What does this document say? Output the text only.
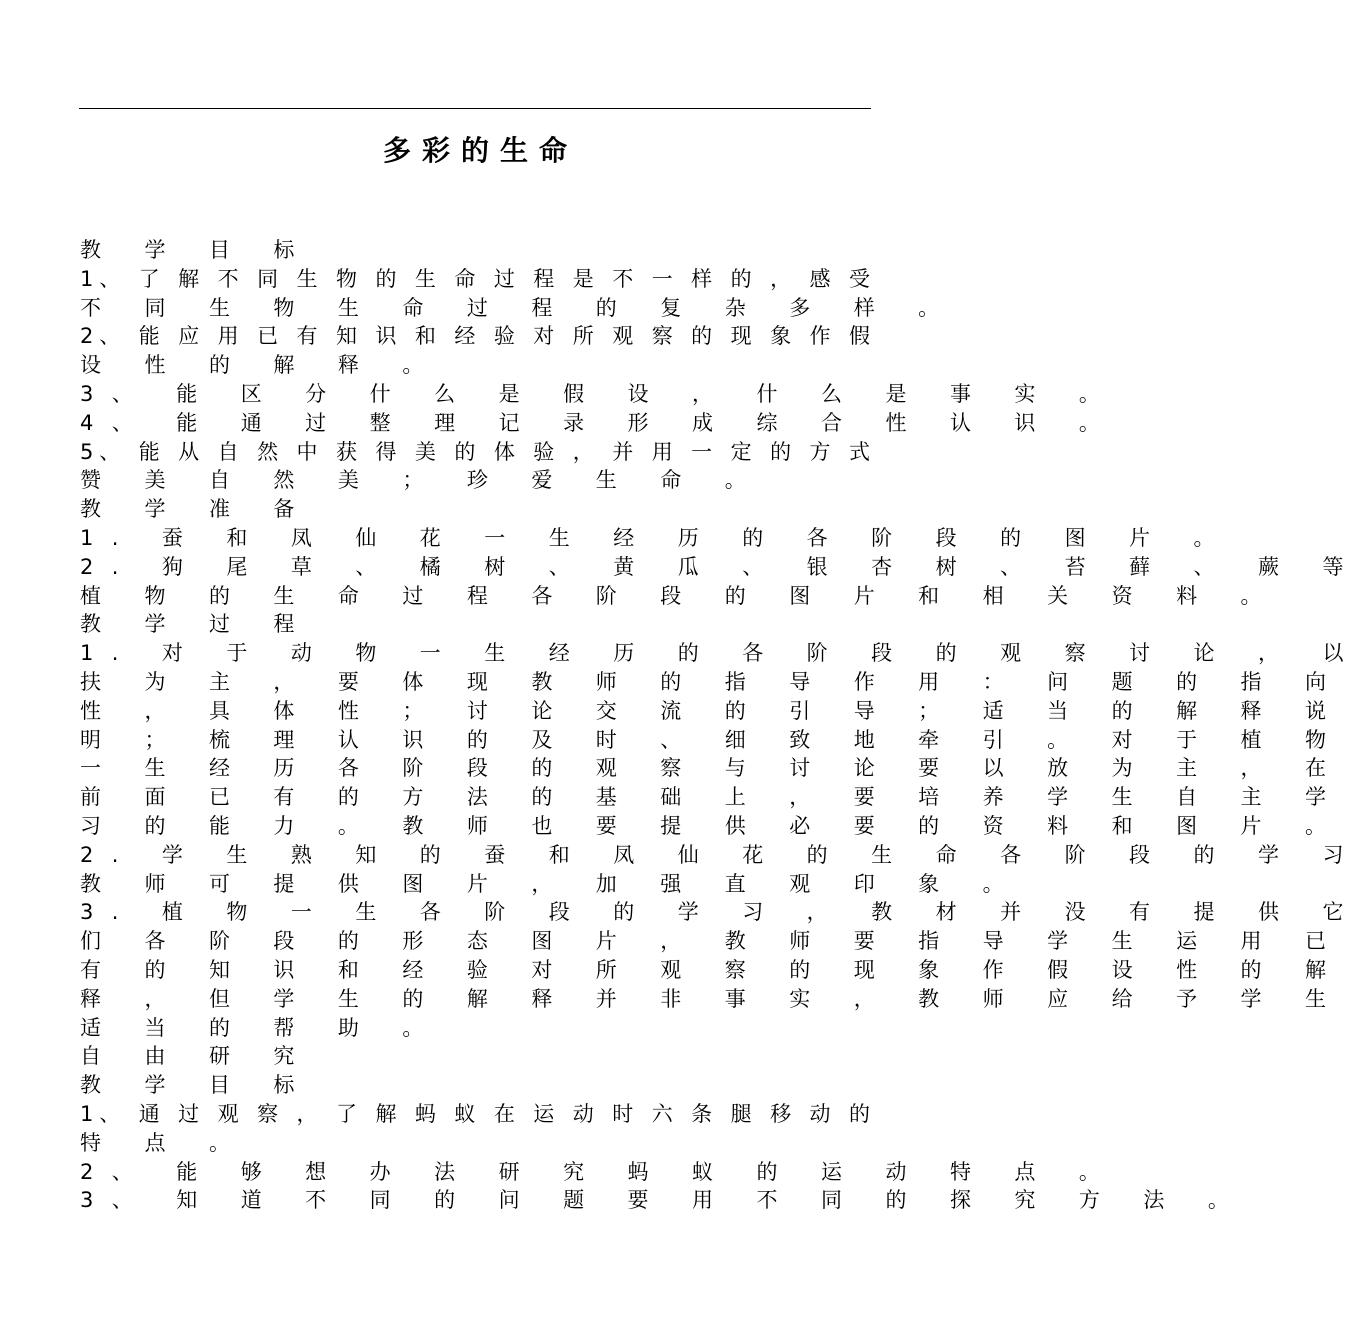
多彩的生命
教 学 目 标
1、 了 解 不 同 生 物 的 生 命 过 程 是 不 一 样 的 ， 感 受
不 同 生 物 生 命 过 程 的 复 杂 多 样 。
2、 能 应 用 已 有 知 识 和 经 验 对 所 观 察 的 现 象 作 假
设 性 的 解 释 。
3、 能 区 分 什 么 是 假 设 ， 什 么 是 事 实 。
4、 能 通 过 整 理 记 录 形 成 综 合 性 认 识 。
5、 能 从 自 然 中 获 得 美 的 体 验 ， 并 用 一 定 的 方 式
赞 美 自 然 美 ； 珍 爱 生 命 。
教 学 准 备
1. 蚕 和 凤 仙 花 一 生 经 历 的 各 阶 段 的 图 片 。
2. 狗 尾 草 、 橘 树 、 黄 瓜 、 银 杏 树 、 苔 藓 、 蕨 等
植 物 的 生 命 过 程 各 阶 段 的 图 片 和 相 关 资 料 。
教 学 过 程
1. 对 于 动 物 一 生 经 历 的 各 阶 段 的 观 察 讨 论 ， 以
扶 为 主 ， 要 体 现 教 师 的 指 导 作 用 ： 问 题 的 指 向
性 ， 具 体 性 ； 讨 论 交 流 的 引 导 ； 适 当 的 解 释 说
明 ； 梳 理 认 识 的 及 时 、 细 致 地 牵 引 。 对 于 植 物
一 生 经 历 各 阶 段 的 观 察 与 讨 论 要 以 放 为 主 ， 在
前 面 已 有 的 方 法 的 基 础 上 ， 要 培 养 学 生 自 主 学
习 的 能 力 。 教 师 也 要 提 供 必 要 的 资 料 和 图 片 。
2. 学 生 熟 知 的 蚕 和 凤 仙 花 的 生 命 各 阶 段 的 学 习
教 师 可 提 供 图 片 ， 加 强 直 观 印 象 。
3. 植 物 一 生 各 阶 段 的 学 习 ， 教 材 并 没 有 提 供 它
们 各 阶 段 的 形 态 图 片 ， 教 师 要 指 导 学 生 运 用 已
有 的 知 识 和 经 验 对 所 观 察 的 现 象 作 假 设 性 的 解
释 ， 但 学 生 的 解 释 并 非 事 实 ， 教 师 应 给 予 学 生
适 当 的 帮 助 。
自 由 研 究
教 学 目 标
1、 通 过 观 察 ， 了 解 蚂 蚁 在 运 动 时 六 条 腿 移 动 的
特 点 。
2、 能 够 想 办 法 研 究 蚂 蚁 的 运 动 特 点 。
3、 知 道 不 同 的 问 题 要 用 不 同 的 探 究 方 法 。
